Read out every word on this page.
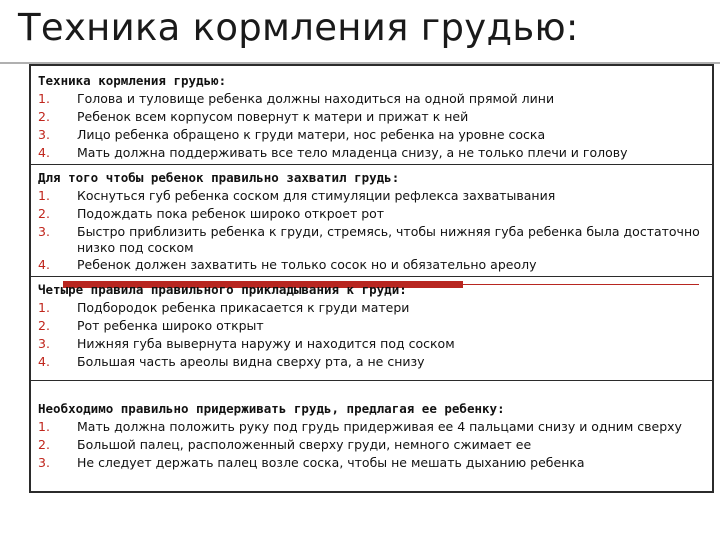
Техника кормления грудью:
Техника кормления грудью:
1.	Голова и туловище ребенка должны находиться на одной прямой лини
2.	Ребенок всем корпусом повернут к матери и прижат к ней
3.	Лицо ребенка обращено к груди матери, нос ребенка на уровне соска
4.	Мать должна поддерживать все тело младенца снизу, а не только плечи и голову
Для того чтобы ребенок правильно захватил грудь:
1.	Коснуться губ ребенка соском для стимуляции рефлекса захватывания
2.	Подождать пока ребенок широко откроет рот
3.	Быстро приблизить ребенка к груди, стремясь, чтобы нижняя губа ребенка была достаточно низко под соском
4.	Ребенок должен захватить не только сосок но и обязательно ареолу
Четыре правила правильного прикладывания к груди:
1.	Подбородок ребенка прикасается к груди матери
2.	Рот ребенка широко открыт
3.	Нижняя губа вывернута наружу и находится под соском
4.	Большая часть ареолы видна сверху рта, а не снизу
Необходимо правильно придерживать грудь, предлагая ее ребенку:
1.	Мать должна положить руку под грудь придерживая ее 4 пальцами снизу и одним сверху
2.	Большой палец, расположенный сверху груди, немного сжимает ее
3.	Не следует держать палец возле соска, чтобы не мешать дыханию ребенка
